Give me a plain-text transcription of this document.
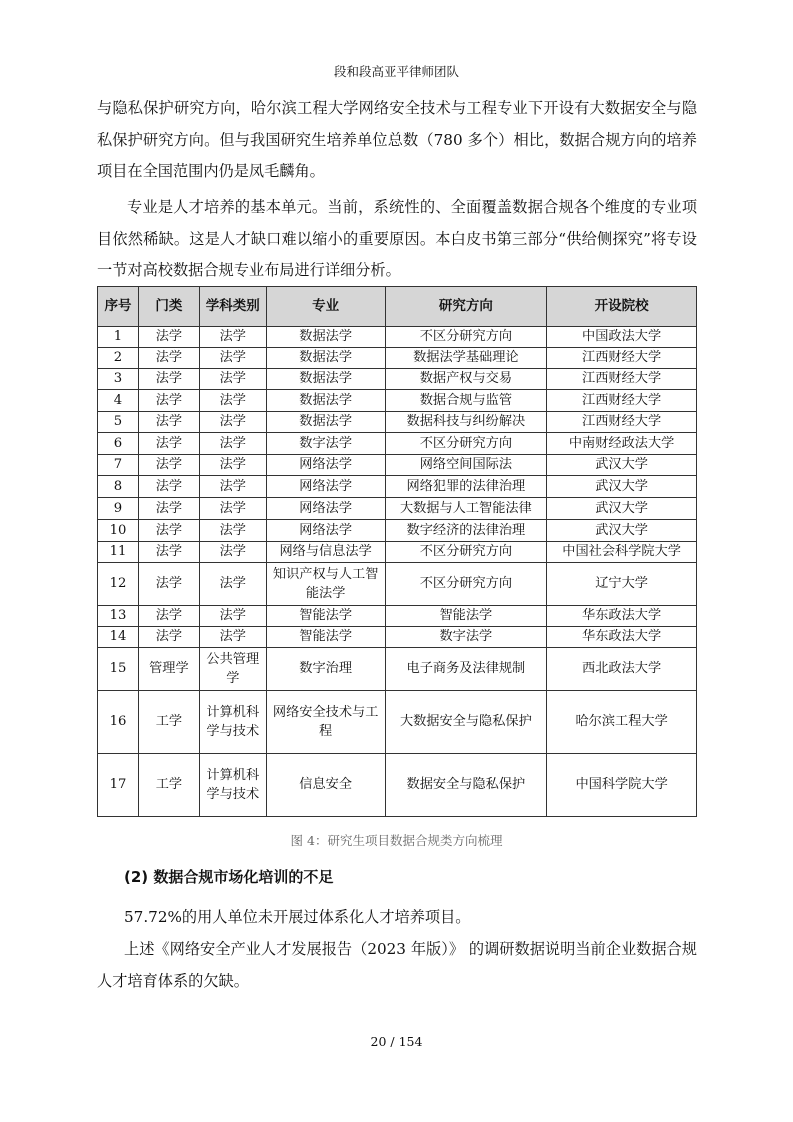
段和段高亚平律师团队

与隐私保护研究方向，哈尔滨工程大学网络安全技术与工程专业下开设有大数据安全与隐私保护研究方向。但与我国研究生培养单位总数（780 多个）相比，数据合规方向的培养项目在全国范围内仍是凤毛麟角。

专业是人才培养的基本单元。当前，系统性的、全面覆盖数据合规各个维度的专业项目依然稀缺。这是人才缺口难以缩小的重要原因。本白皮书第三部分“供给侧探究”将专设一节对高校数据合规专业布局进行详细分析。

序号	门类	学科类别	专业	研究方向	开设院校
1	法学	法学	数据法学	不区分研究方向	中国政法大学
2	法学	法学	数据法学	数据法学基础理论	江西财经大学
3	法学	法学	数据法学	数据产权与交易	江西财经大学
4	法学	法学	数据法学	数据合规与监管	江西财经大学
5	法学	法学	数据法学	数据科技与纠纷解决	江西财经大学
6	法学	法学	数字法学	不区分研究方向	中南财经政法大学
7	法学	法学	网络法学	网络空间国际法	武汉大学
8	法学	法学	网络法学	网络犯罪的法律治理	武汉大学
9	法学	法学	网络法学	大数据与人工智能法律	武汉大学
10	法学	法学	网络法学	数字经济的法律治理	武汉大学
11	法学	法学	网络与信息法学	不区分研究方向	中国社会科学院大学
12	法学	法学	知识产权与人工智能法学	不区分研究方向	辽宁大学
13	法学	法学	智能法学	智能法学	华东政法大学
14	法学	法学	智能法学	数字法学	华东政法大学
15	管理学	公共管理学	数字治理	电子商务及法律规制	西北政法大学
16	工学	计算机科学与技术	网络安全技术与工程	大数据安全与隐私保护	哈尔滨工程大学
17	工学	计算机科学与技术	信息安全	数据安全与隐私保护	中国科学院大学
图 4：研究生项目数据合规类方向梳理
(2) 数据合规市场化培训的不足

57.72%的用人单位未开展过体系化人才培养项目。

上述《网络安全产业人才发展报告（2023 年版）》 的调研数据说明当前企业数据合规人才培育体系的欠缺。

20 / 154
